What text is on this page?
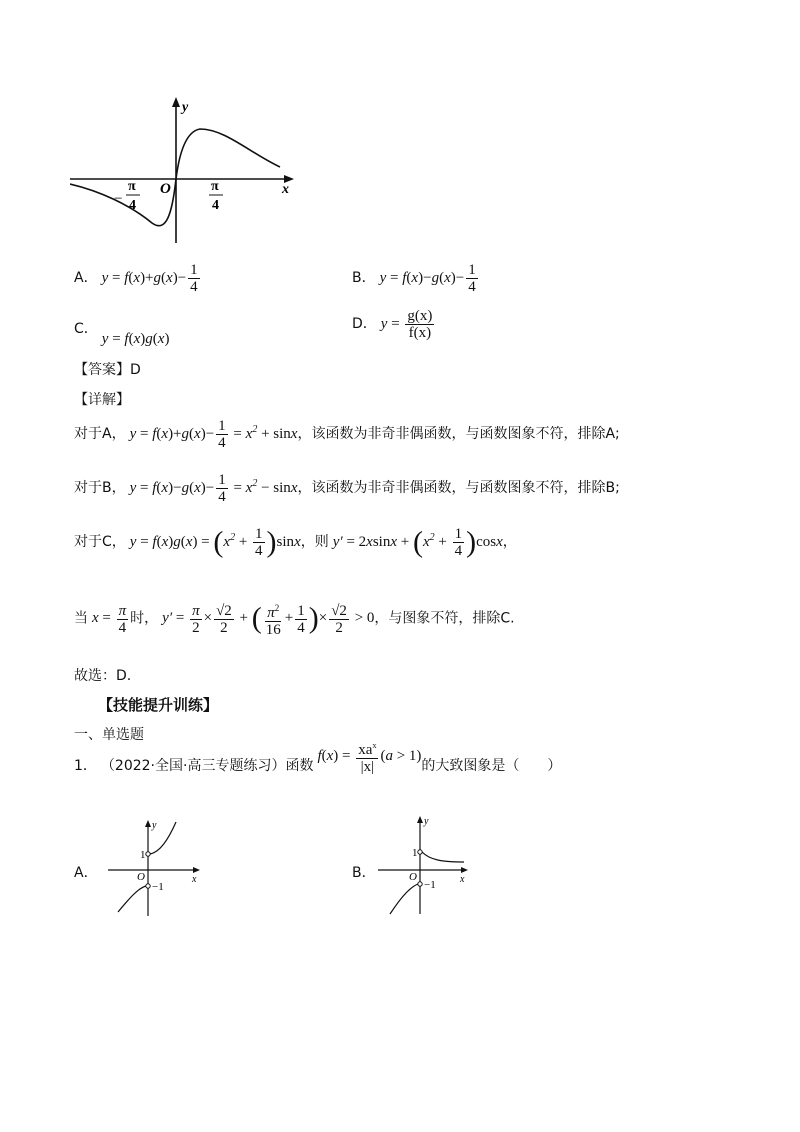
y
x
O
−
π
4
π
4
A． $y = f(x)+g(x)- \frac{1}{4}$	B． $y = f(x)-g(x)- \frac{1}{4}$
C． y = f(x)g(x)
D． $y = \frac{g(x)}{f(x)}$
【答案】D
【详解】
对于A， $y = f(x)+g(x)- \frac{1}{4} = x^2 + \sin x$，该函数为非奇非偶函数，与函数图象不符，排除A;
对于B， $y = f(x)-g(x)- \frac{1}{4} = x^2 - \sin x$，该函数为非奇非偶函数，与函数图象不符，排除B;
对于C， $y = f(x)g(x) = (x^2 + \frac{1}{4} )\sin x$，则 $y' = 2xsinx + (x^2 + \frac{1}{4} )\cos x$，
当 $x = \frac{\pi}{4}$ 时， $y' = \frac{\pi}{2} \times \frac{√2}{2}$ + ( $\frac{\pi^2}{16} + \frac{1}{4}$ )× $\frac{√2}{2} > 0$，与图象不符，排除C.
故选：D.
【技能提升训练】
一、单选题
1． （2022·全国·高三专题练习）函数 $f(x) = \frac{xa^x}{|x|} (a > 1)$的大致图象是（　　）
A．
y
x
1
O
−1
B．
y
x
1
O
−1
